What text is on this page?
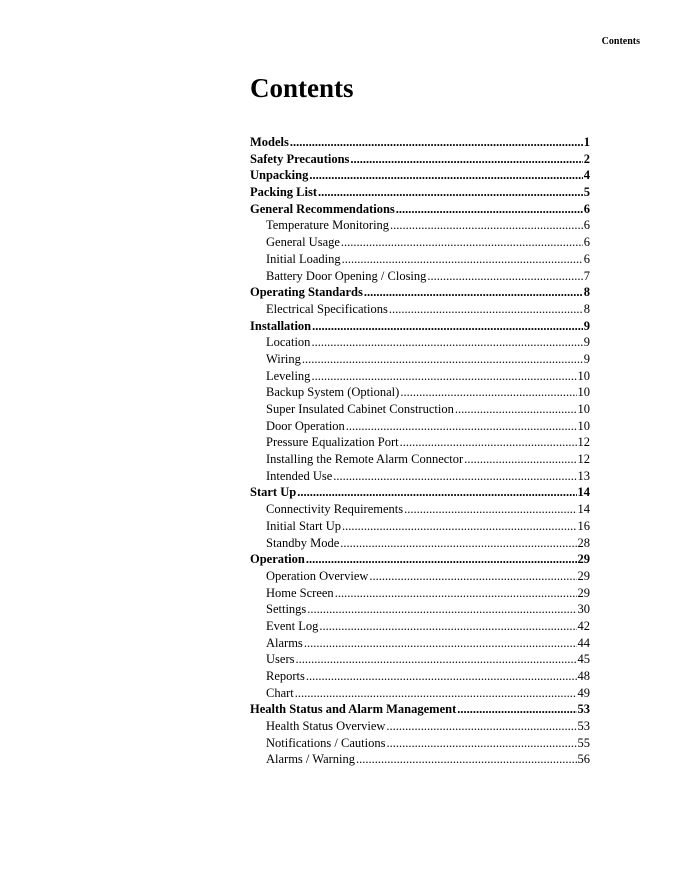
Contents
Contents
Models .....	1
Safety Precautions .....	2
Unpacking .....	4
Packing List .....	5
General Recommendations .....	6
Temperature Monitoring .....	6
General Usage .....	6
Initial Loading .....	6
Battery Door Opening / Closing .....	7
Operating Standards .....	8
Electrical Specifications .....	8
Installation .....	9
Location .....	9
Wiring .....	9
Leveling .....	10
Backup System (Optional) .....	10
Super Insulated Cabinet Construction .....	10
Door Operation .....	10
Pressure Equalization Port .....	12
Installing the Remote Alarm Connector .....	12
Intended Use .....	13
Start Up .....	14
Connectivity Requirements .....	14
Initial Start Up .....	16
Standby Mode .....	28
Operation .....	29
Operation Overview .....	29
Home Screen .....	29
Settings .....	30
Event Log .....	42
Alarms .....	44
Users .....	45
Reports .....	48
Chart .....	49
Health Status and Alarm Management .....	53
Health Status Overview .....	53
Notifications / Cautions .....	55
Alarms / Warning .....	56
